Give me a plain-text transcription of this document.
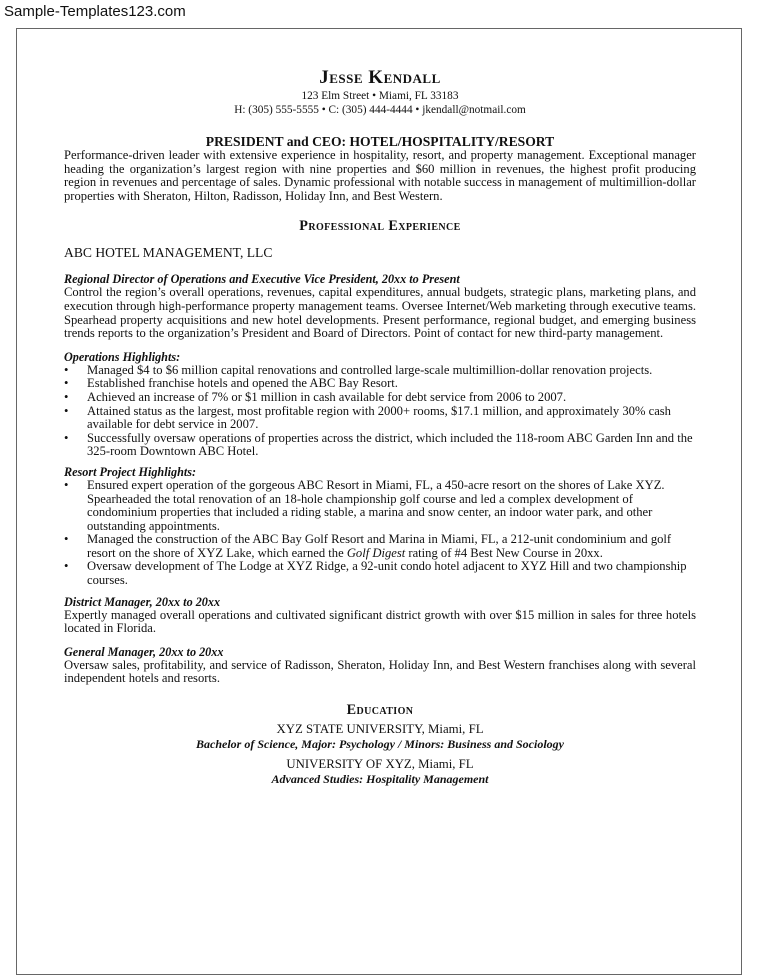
Sample-Templates123.com
Jesse Kendall
123 Elm Street • Miami, FL 33183
H: (305) 555-5555 • C: (305) 444-4444 • jkendall@notmail.com
PRESIDENT and CEO: HOTEL/HOSPITALITY/RESORT
Performance-driven leader with extensive experience in hospitality, resort, and property management. Exceptional manager heading the organization’s largest region with nine properties and $60 million in revenues, the highest profit producing region in revenues and percentage of sales. Dynamic professional with notable success in management of multimillion-dollar properties with Sheraton, Hilton, Radisson, Holiday Inn, and Best Western.
Professional Experience
ABC HOTEL MANAGEMENT, LLC
Regional Director of Operations and Executive Vice President, 20xx to Present
Control the region’s overall operations, revenues, capital expenditures, annual budgets, strategic plans, marketing plans, and execution through high-performance property management teams. Oversee Internet/Web marketing through executive teams. Spearhead property acquisitions and new hotel developments. Present performance, regional budget, and emerging business trends reports to the organization’s President and Board of Directors. Point of contact for new third-party management.
Operations Highlights:
• Managed $4 to $6 million capital renovations and controlled large-scale multimillion-dollar renovation projects.
• Established franchise hotels and opened the ABC Bay Resort.
• Achieved an increase of 7% or $1 million in cash available for debt service from 2006 to 2007.
• Attained status as the largest, most profitable region with 2000+ rooms, $17.1 million, and approximately 30% cash available for debt service in 2007.
• Successfully oversaw operations of properties across the district, which included the 118-room ABC Garden Inn and the 325-room Downtown ABC Hotel.
Resort Project Highlights:
• Ensured expert operation of the gorgeous ABC Resort in Miami, FL, a 450-acre resort on the shores of Lake XYZ. Spearheaded the total renovation of an 18-hole championship golf course and led a complex development of condominium properties that included a riding stable, a marina and snow center, an indoor water park, and other outstanding appointments.
• Managed the construction of the ABC Bay Golf Resort and Marina in Miami, FL, a 212-unit condominium and golf resort on the shore of XYZ Lake, which earned the Golf Digest rating of #4 Best New Course in 20xx.
• Oversaw development of The Lodge at XYZ Ridge, a 92-unit condo hotel adjacent to XYZ Hill and two championship courses.
District Manager, 20xx to 20xx
Expertly managed overall operations and cultivated significant district growth with over $15 million in sales for three hotels located in Florida.
General Manager, 20xx to 20xx
Oversaw sales, profitability, and service of Radisson, Sheraton, Holiday Inn, and Best Western franchises along with several independent hotels and resorts.
Education
XYZ STATE UNIVERSITY, Miami, FL
Bachelor of Science, Major: Psychology / Minors: Business and Sociology
UNIVERSITY OF XYZ, Miami, FL
Advanced Studies: Hospitality Management
